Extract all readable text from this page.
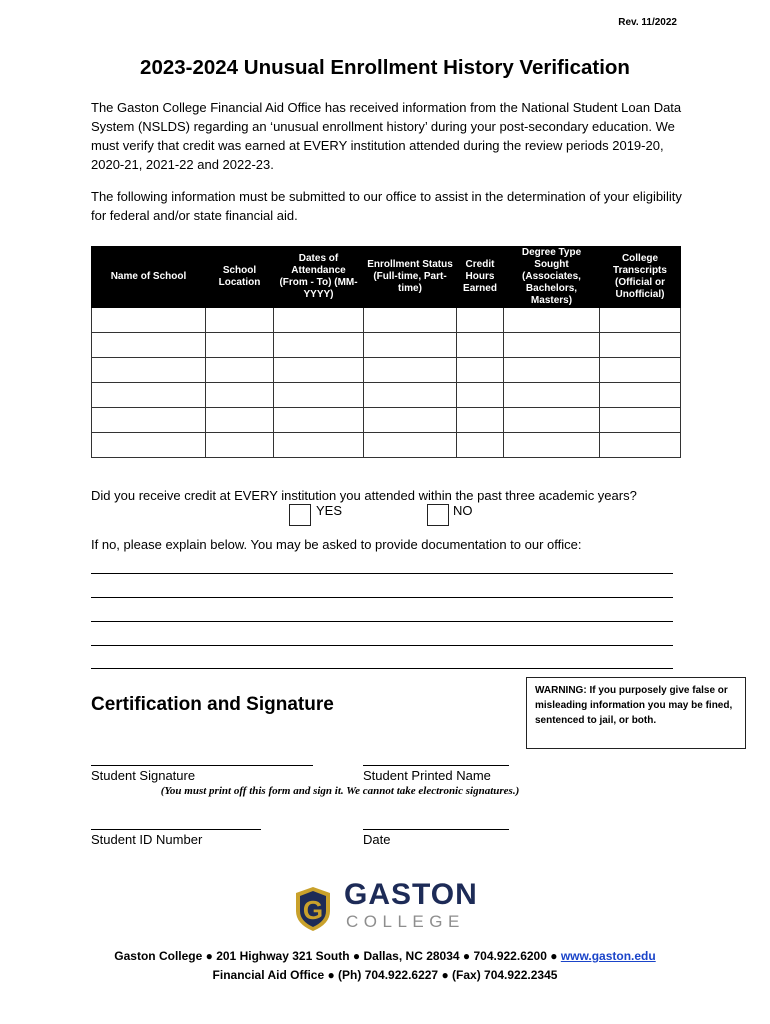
Rev. 11/2022
2023-2024 Unusual Enrollment History Verification
The Gaston College Financial Aid Office has received information from the National Student Loan Data System (NSLDS) regarding an ‘unusual enrollment history’ during your post-secondary education. We must verify that credit was earned at EVERY institution attended during the review periods 2019-20, 2020-21, 2021-22 and 2022-23.
The following information must be submitted to our office to assist in the determination of your eligibility for federal and/or state financial aid.
Name of School	School Location	Dates of Attendance (From - To) (MM-YYYY)	Enrollment Status (Full-time, Part-time)	Credit Hours Earned	Degree Type Sought (Associates, Bachelors, Masters)	College Transcripts (Official or Unofficial)

Did you receive credit at EVERY institution you attended within the past three academic years?
YES	NO
If no, please explain below. You may be asked to provide documentation to our office:
WARNING: If you purposely give false or misleading information you may be fined, sentenced to jail, or both.
Certification and Signature
Student Signature	Student Printed Name
(You must print off this form and sign it. We cannot take electronic signatures.)
Student ID Number	Date
G GASTON
COLLEGE
Gaston College ● 201 Highway 321 South ● Dallas, NC 28034 ● 704.922.6200 ● www.gaston.edu
Financial Aid Office ● (Ph) 704.922.6227 ● (Fax) 704.922.2345
